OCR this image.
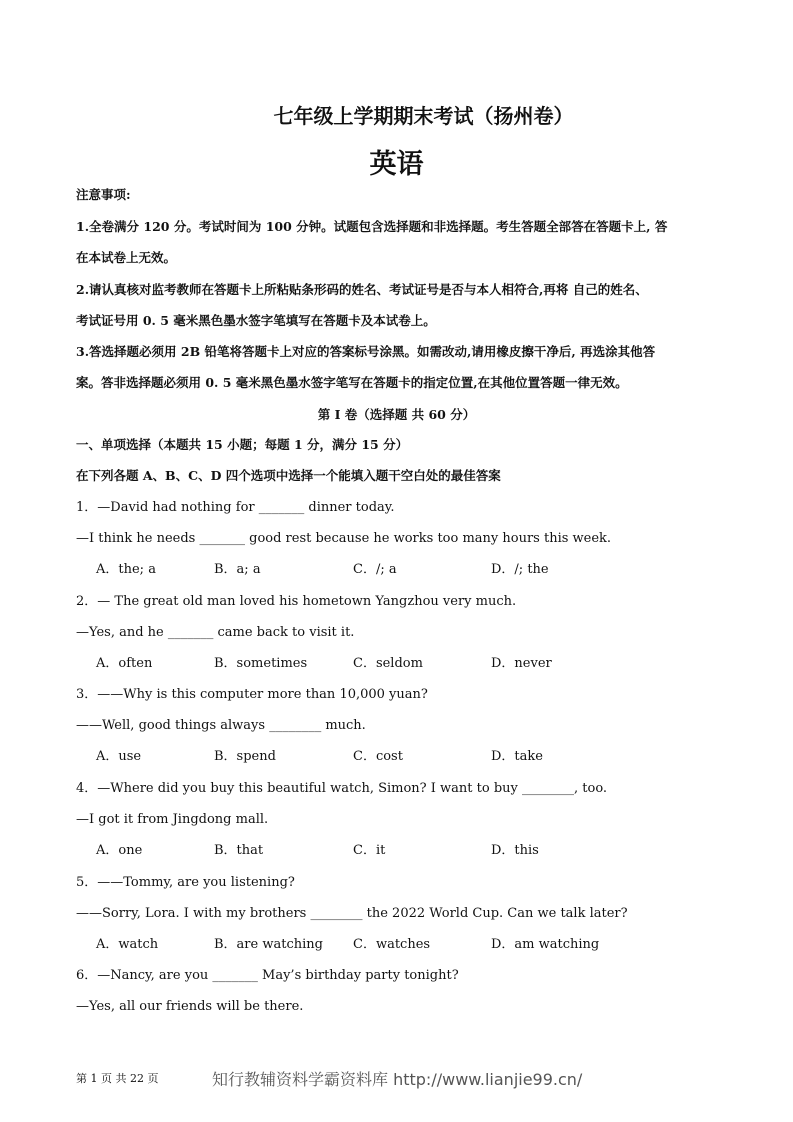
七年级上学期期末考试（扬州卷）
英语
注意事项:
1.全卷满分 120 分。考试时间为 100 分钟。试题包含选择题和非选择题。考生答题全部答在答题卡上, 答
在本试卷上无效。
2.请认真核对监考教师在答题卡上所粘贴条形码的姓名、考试证号是否与本人相符合,再将 自己的姓名、
考试证号用 0. 5 毫米黑色墨水签字笔填写在答题卡及本试卷上。
3.答选择题必须用 2B 铅笔将答题卡上对应的答案标号涂黑。如需改动,请用橡皮擦干净后, 再选涂其他答
案。答非选择题必须用 0. 5 毫米黑色墨水签字笔写在答题卡的指定位置,在其他位置答题一律无效。
第 I 卷（选择题 共 60 分）
一、单项选择（本题共 15 小题；每题 1 分，满分 15 分）
在下列各题 A、B、C、D 四个选项中选择一个能填入题干空白处的最佳答案
1．—David had nothing for _______ dinner today.
—I think he needs _______ good rest because he works too many hours this week.
A．the; a	B．a; a	C．/; a	D．/; the
2．— The great old man loved his hometown Yangzhou very much.
—Yes, and he _______ came back to visit it.
A．often	B．sometimes	C．seldom	D．never
3．——Why is this computer more than 10,000 yuan?
——Well, good things always ________ much.
A．use	B．spend	C．cost	D．take
4．—Where did you buy this beautiful watch, Simon? I want to buy ________, too.
—I got it from Jingdong mall.
A．one	B．that	C．it	D．this
5．——Tommy, are you listening?
——Sorry, Lora. I with my brothers ________ the 2022 World Cup. Can we talk later?
A．watch	B．are watching C．watches	D．am watching
6．—Nancy, are you _______ May’s birthday party tonight?
—Yes, all our friends will be there.
第 1 页 共 22 页	知行教辅资料学霸资料库 http://www.lianjie99.cn/
